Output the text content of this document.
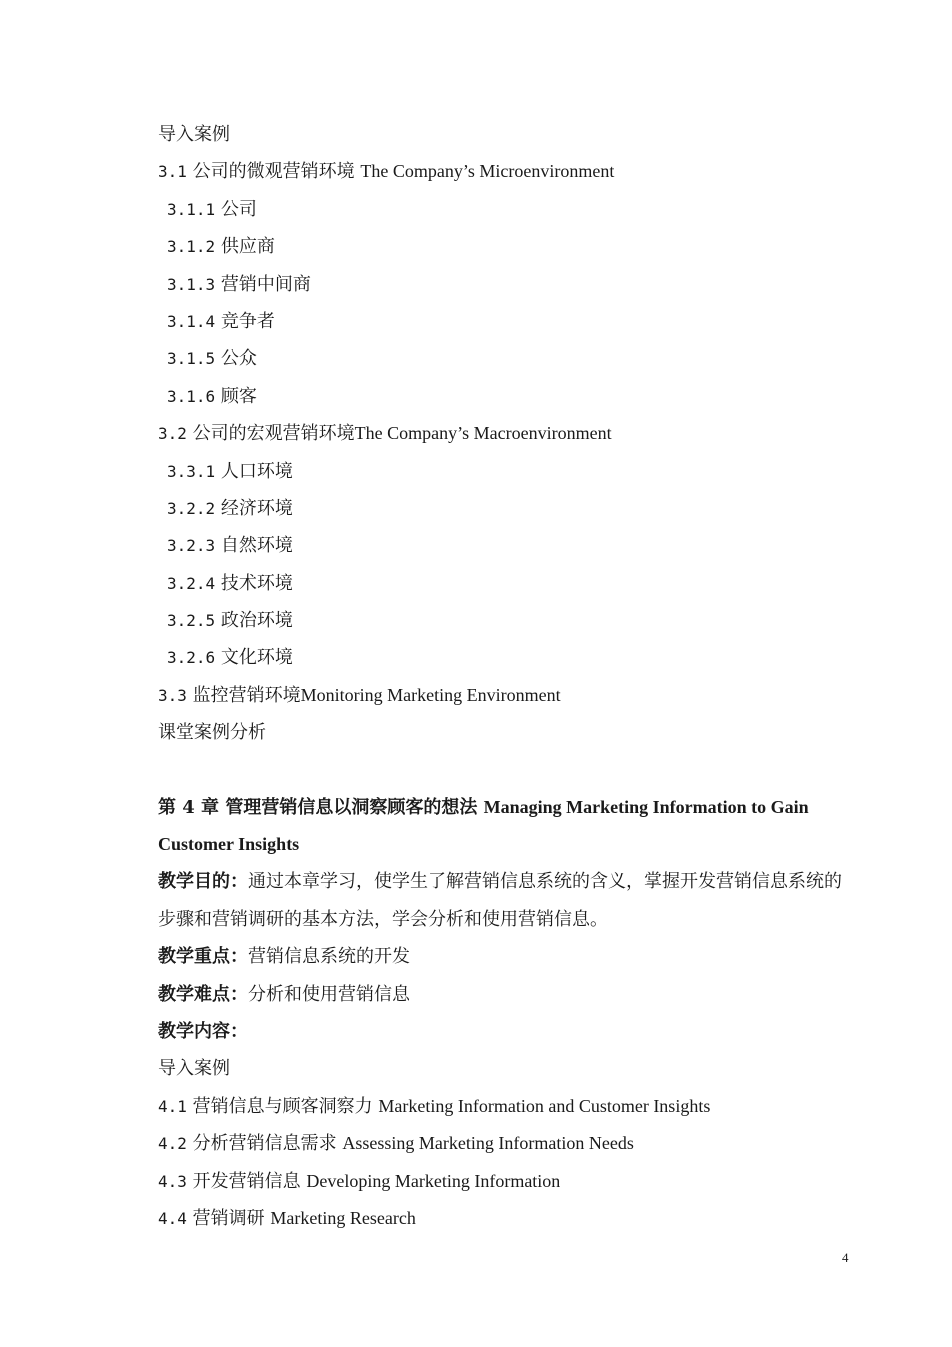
导入案例
3.1 公司的微观营销环境 The Company’s Microenvironment
3.1.1 公司
3.1.2 供应商
3.1.3 营销中间商
3.1.4 竞争者
3.1.5 公众
3.1.6 顾客
3.2 公司的宏观营销环境The Company’s Macroenvironment
3.3.1 人口环境
3.2.2 经济环境
3.2.3 自然环境
3.2.4 技术环境
3.2.5 政治环境
3.2.6 文化环境
3.3 监控营销环境Monitoring Marketing Environment
课堂案例分析
第 4 章 管理营销信息以洞察顾客的想法 Managing Marketing Information to Gain
Customer Insights
教学目的：通过本章学习，使学生了解营销信息系统的含义，掌握开发营销信息系统的步骤和营销调研的基本方法，学会分析和使用营销信息。
教学重点：营销信息系统的开发
教学难点：分析和使用营销信息
教学内容：
导入案例
4.1 营销信息与顾客洞察力 Marketing Information and Customer Insights
4.2 分析营销信息需求 Assessing Marketing Information Needs
4.3 开发营销信息 Developing Marketing Information
4.4 营销调研 Marketing Research
4
